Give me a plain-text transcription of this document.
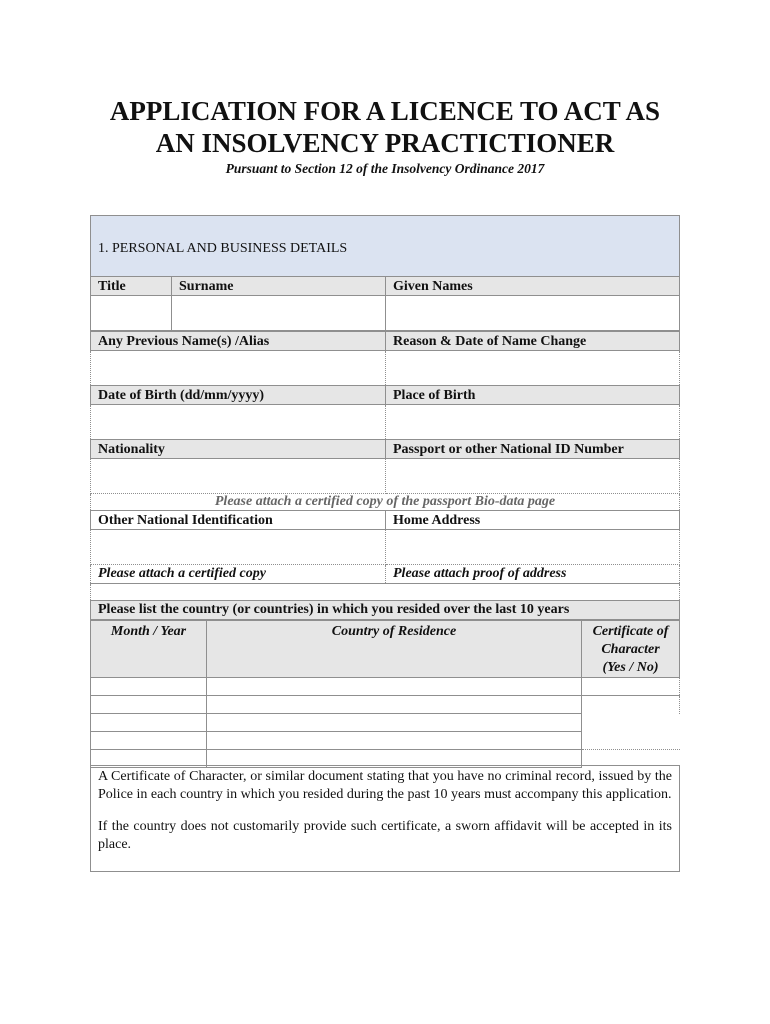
APPLICATION FOR A LICENCE TO ACT AS
AN INSOLVENCY PRACTICTIONER
Pursuant to Section 12 of the Insolvency Ordinance 2017
1. PERSONAL AND BUSINESS DETAILS		
Title	Surname	Given Names

Any Previous Name(s) /Alias	Reason & Date of Name Change

Date of Birth (dd/mm/yyyy)	Place of Birth

Nationality	Passport or other National ID Number

Please attach a certified copy of the passport Bio-data page	
Other National Identification	Home Address

Please attach a certified copy	Please attach proof of address

Please list the country (or countries) in which you resided over the last 10 years	
Month / Year	Country of Residence	Certificate of
Character
(Yes / No)

A Certificate of Character, or similar document stating that you have no criminal record, issued by the Police in each country in which you resided during the past 10 years must accompany this application.

If the country does not customarily provide such certificate, a sworn affidavit will be accepted in its place.
